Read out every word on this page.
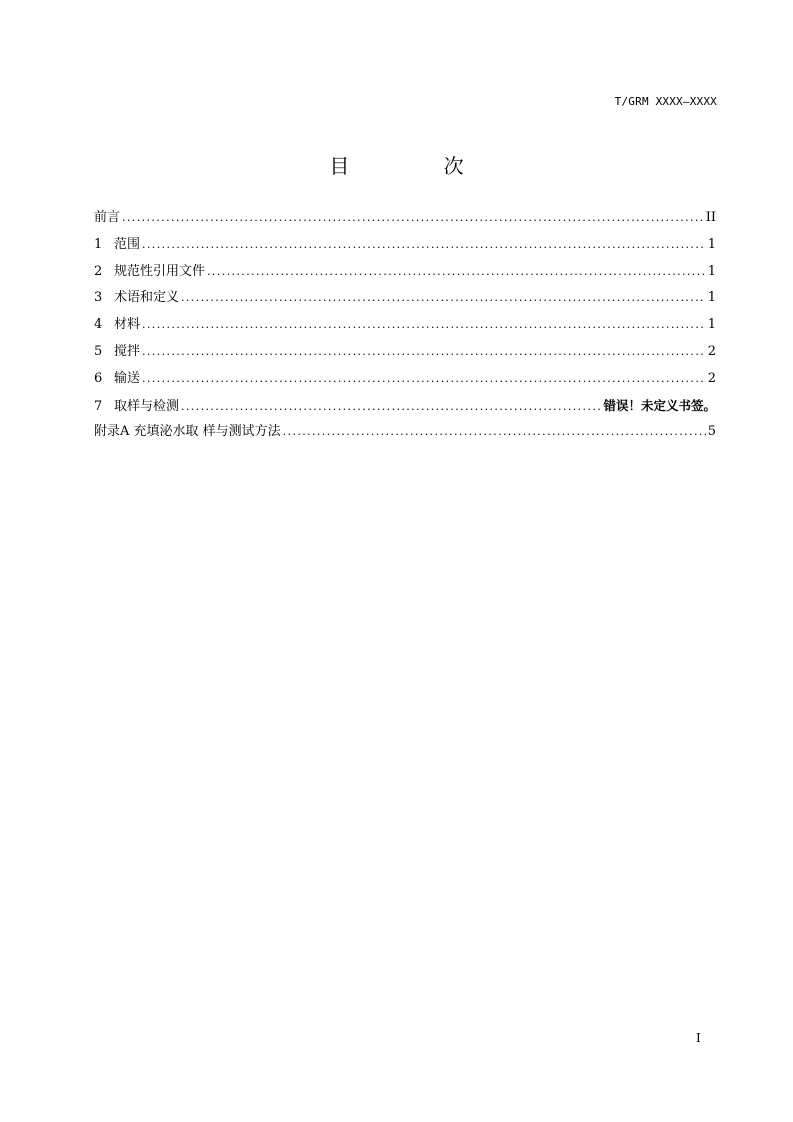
T/GRM XXXX—XXXX
目 次
前言 .....	II
1 范围 .....	1
2 规范性引用文件 .....	1
3 术语和定义 .....	1
4 材料 .....	1
5 搅拌 .....	2
6 输送 .....	2
7 取样与检测 .....	错误！未定义书签。
附录A 充填泌水取 样与测试方法 .....	5
I
